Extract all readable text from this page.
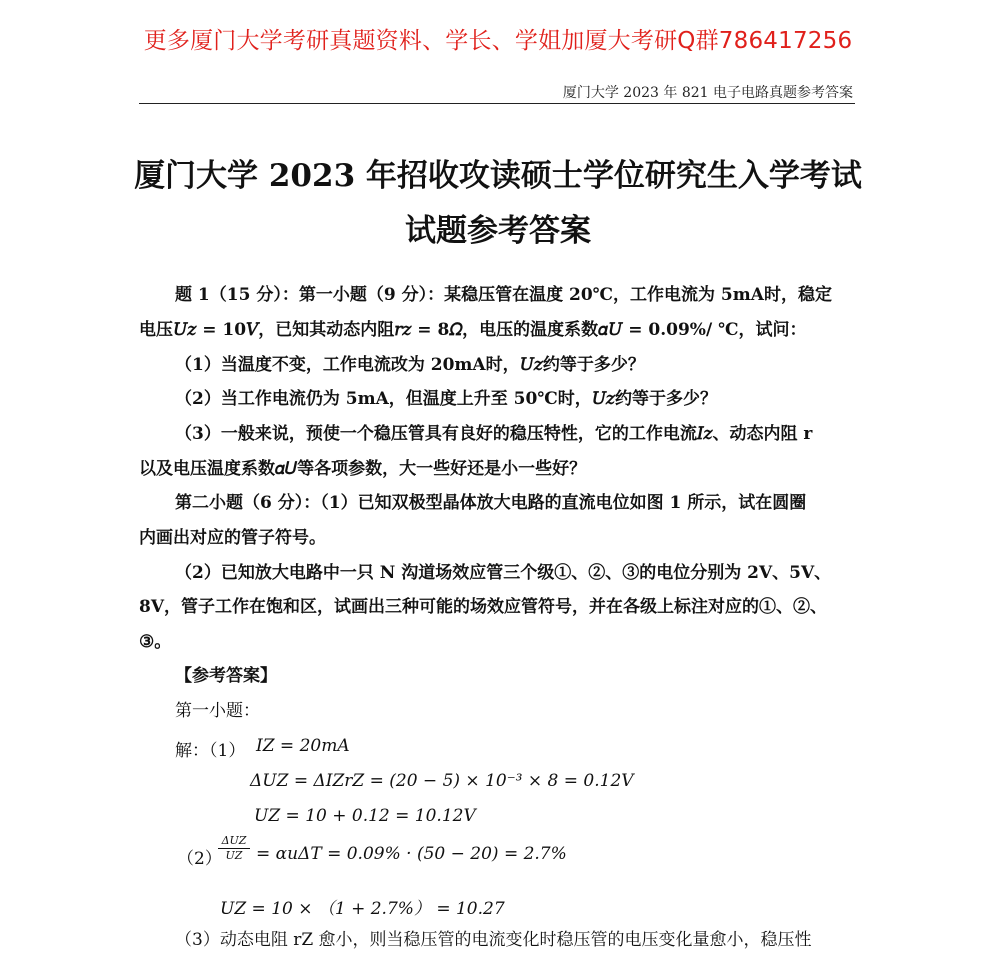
更多厦门大学考研真题资料、学长、学姐加厦大考研Q群786417256
厦门大学 2023 年 821 电子电路真题参考答案
厦门大学 2023 年招收攻读硕士学位研究生入学考试
试题参考答案
题 1（15 分）：第一小题（9 分）：某稳压管在温度 20℃，工作电流为 5mA时，稳定
电压𝑈𝑧 = 10𝑉，已知其动态内阻𝑟𝑧 = 8𝛺，电压的温度系数𝛼𝑈 = 0.09%/ ℃，试问：
（1）当温度不变，工作电流改为 20mA时，𝑈𝑧约等于多少？
（2）当工作电流仍为 5mA，但温度上升至 50℃时，𝑈𝑧约等于多少？
（3）一般来说，预使一个稳压管具有良好的稳压特性，它的工作电流𝐼𝑧、动态内阻 r
以及电压温度系数𝛼𝑈等各项参数，大一些好还是小一些好？
第二小题（6 分）：（1）已知双极型晶体放大电路的直流电位如图 1 所示，试在圆圈
内画出对应的管子符号。
（2）已知放大电路中一只 N 沟道场效应管三个级①、②、③的电位分别为 2V、5V、
8V，管子工作在饱和区，试画出三种可能的场效应管符号，并在各级上标注对应的①、②、
③。
【参考答案】
第一小题：
解：（1） 𝐼𝑍 = 20𝑚𝐴
𝛥𝑈𝑍 = 𝛥𝐼𝑍𝑟𝑍 = (20 − 5) × 10⁻³ × 8 = 0.12𝑉
𝑈𝑍 = 10 + 0.12 = 10.12𝑉
（2）
𝛥𝑈𝑍
𝑈𝑍 = 𝛼𝑢𝛥T = 0.09% · (50 − 20) = 2.7%
𝑈𝑍 = 10 × （1 + 2.7%） = 10.27
（3）动态电阻 rZ 愈小，则当稳压管的电流变化时稳压管的电压变化量愈小，稳压性
